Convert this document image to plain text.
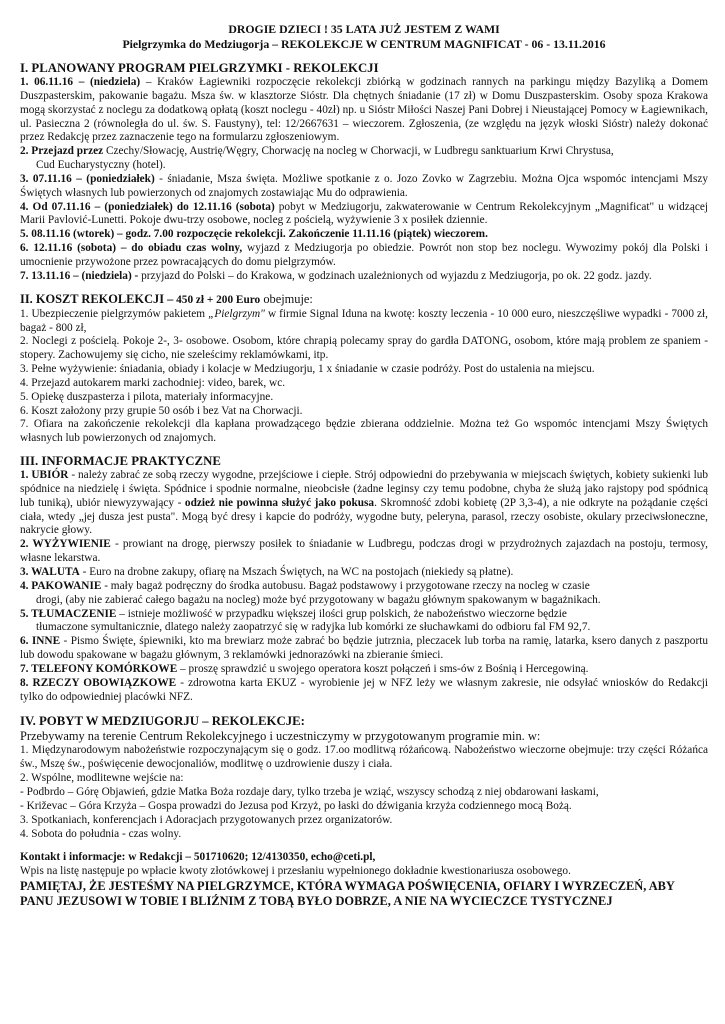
DROGIE DZIECI ! 35 LATA JUŻ JESTEM Z WAMI

Pielgrzymka do Medziugorja – REKOLEKCJE W CENTRUM MAGNIFICAT - 06 - 13.11.2016

I. PLANOWANY PROGRAM PIELGRZYMKI - REKOLEKCJI

1. 06.11.16 – (niedziela) – Kraków Łagiewniki rozpoczęcie rekolekcji zbiórką w godzinach rannych na parkingu między Bazyliką a Domem Duszpasterskim, pakowanie bagażu. Msza św. w klasztorze Sióstr. Dla chętnych śniadanie (17 zł) w Domu Duszpasterskim. Osoby spoza Krakowa mogą skorzystać z noclegu za dodatkową opłatą (koszt noclegu - 40zł) np. u Sióstr Miłości Naszej Pani Dobrej i Nieustającej Pomocy w Łagiewnikach, ul. Pasieczna 2 (równoległa do ul. św. S. Faustyny), tel: 12/2667631 – wieczorem. Zgłoszenia, (ze względu na język włoski Sióstr) należy dokonać przez Redakcję przez zaznaczenie tego na formularzu zgłoszeniowym.

2. Przejazd przez Czechy/Słowację, Austrię/Węgry, Chorwację na nocleg w Chorwacji, w Ludbregu sanktuarium Krwi Chrystusa,

Cud Eucharystyczny (hotel).

3. 07.11.16 – (poniedziałek) - śniadanie, Msza święta. Możliwe spotkanie z o. Jozo Zovko w Zagrzebiu. Można Ojca wspomóc intencjami Mszy Świętych własnych lub powierzonych od znajomych zostawiając Mu do odprawienia.

4. Od 07.11.16 – (poniedziałek) do 12.11.16 (sobota) pobyt w Medziugorju, zakwaterowanie w Centrum Rekolekcyjnym „Magnificat" u widzącej Marii Pavlović-Lunetti. Pokoje dwu-trzy osobowe, nocleg z pościelą, wyżywienie 3 x posiłek dziennie.

5. 08.11.16 (wtorek) – godz. 7.00 rozpoczęcie rekolekcji. Zakończenie 11.11.16 (piątek) wieczorem.

6. 12.11.16 (sobota) – do obiadu czas wolny, wyjazd z Medziugorja po obiedzie. Powrót non stop bez noclegu. Wywozimy pokój dla Polski i umocnienie przywożone przez powracających do domu pielgrzymów.

7. 13.11.16 – (niedziela) - przyjazd do Polski – do Krakowa, w godzinach uzależnionych od wyjazdu z Medziugorja, po ok. 22 godz. jazdy.

II. KOSZT REKOLEKCJI – 450 zł + 200 Euro obejmuje:

1. Ubezpieczenie pielgrzymów pakietem „Pielgrzym" w firmie Signal Iduna na kwotę: koszty leczenia - 10 000 euro, nieszczęśliwe wypadki - 7000 zł, bagaż - 800 zł,

2. Noclegi z pościelą. Pokoje 2-, 3- osobowe. Osobom, które chrapią polecamy spray do gardła DATONG, osobom, które mają problem ze spaniem - stopery. Zachowujemy się cicho, nie szeleścimy reklamówkami, itp.

3. Pełne wyżywienie: śniadania, obiady i kolacje w Medziugorju, 1 x śniadanie w czasie podróży. Post do ustalenia na miejscu.

4. Przejazd autokarem marki zachodniej: video, barek, wc.

5. Opiekę duszpasterza i pilota, materiały informacyjne.

6. Koszt założony przy grupie 50 osób i bez Vat na Chorwacji.

7. Ofiara na zakończenie rekolekcji dla kapłana prowadzącego będzie zbierana oddzielnie. Można też Go wspomóc intencjami Mszy Świętych własnych lub powierzonych od znajomych.

III. INFORMACJE PRAKTYCZNE

1. UBIÓR - należy zabrać ze sobą rzeczy wygodne, przejściowe i ciepłe. Strój odpowiedni do przebywania w miejscach świętych, kobiety sukienki lub spódnice na niedzielę i święta. Spódnice i spodnie normalne, nieobcisłe (żadne leginsy czy temu podobne, chyba że służą jako rajstopy pod spódnicą lub tuniką), ubiór niewyzywający - odzież nie powinna służyć jako pokusa. Skromność zdobi kobietę (2P 3,3-4), a nie odkryte na pożądanie części ciała, wtedy „jej dusza jest pusta". Mogą być dresy i kapcie do podróży, wygodne buty, peleryna, parasol, rzeczy osobiste, okulary przeciwsłoneczne, nakrycie głowy.

2. WYŻYWIENIE - prowiant na drogę, pierwszy posiłek to śniadanie w Ludbregu, podczas drogi w przydrożnych zajazdach na postoju, termosy, własne lekarstwa.

3. WALUTA - Euro na drobne zakupy, ofiarę na Mszach Świętych, na WC na postojach (niekiedy są płatne).

4. PAKOWANIE - mały bagaż podręczny do środka autobusu. Bagaż podstawowy i przygotowane rzeczy na nocleg w czasie

drogi, (aby nie zabierać całego bagażu na nocleg) może być przygotowany w bagażu głównym spakowanym w bagażnikach.

5. TŁUMACZENIE – istnieje możliwość w przypadku większej ilości grup polskich, że nabożeństwo wieczorne będzie

tłumaczone symultanicznie, dlatego należy zaopatrzyć się w radyjka lub komórki ze słuchawkami do odbioru fal FM 92,7.

6. INNE - Pismo Święte, śpiewniki, kto ma brewiarz może zabrać bo będzie jutrznia, pleczacek lub torba na ramię, latarka, ksero danych z paszportu lub dowodu spakowane w bagażu głównym, 3 reklamówki jednorazówki na zbieranie śmieci.

7. TELEFONY KOMÓRKOWE – proszę sprawdzić u swojego operatora koszt połączeń i sms-ów z Bośnią i Hercegowiną.

8. RZECZY OBOWIĄZKOWE - zdrowotna karta EKUZ - wyrobienie jej w NFZ leży we własnym zakresie, nie odsyłać wniosków do Redakcji tylko do odpowiedniej placówki NFZ.

IV. POBYT W MEDZIUGORJU – REKOLEKCJE:

Przebywamy na terenie Centrum Rekolekcyjnego i uczestniczymy w przygotowanym programie min. w:

1. Międzynarodowym nabożeństwie rozpoczynającym się o godz. 17.oo modlitwą różańcową. Nabożeństwo wieczorne obejmuje: trzy części Różańca św., Mszę św., poświęcenie dewocjonaliów, modlitwę o uzdrowienie duszy i ciała.

2. Wspólne, modlitewne wejście na:

- Podbrdo – Górę Objawień, gdzie Matka Boża rozdaje dary, tylko trzeba je wziąć, wszyscy schodzą z niej obdarowani łaskami,

- Križevac – Góra Krzyża – Gospa prowadzi do Jezusa pod Krzyż, po łaski do dźwigania krzyża codziennego mocą Bożą.

3. Spotkaniach, konferencjach i Adoracjach przygotowanych przez organizatorów.

4. Sobota do południa - czas wolny.

Kontakt i informacje: w Redakcji – 501710620; 12/4130350, echo@ceti.pl,

Wpis na listę następuje po wpłacie kwoty złotówkowej i przesłaniu wypełnionego dokładnie kwestionariusza osobowego.

PAMIĘTAJ, ŻE JESTEŚMY NA PIELGRZYMCE, KTÓRA WYMAGA POŚWIĘCENIA, OFIARY I WYRZECZEŃ, ABY PANU JEZUSOWI W TOBIE I BLIŹNIM Z TOBĄ BYŁO DOBRZE, A NIE NA WYCIECZCE TYSTYCZNEJ
